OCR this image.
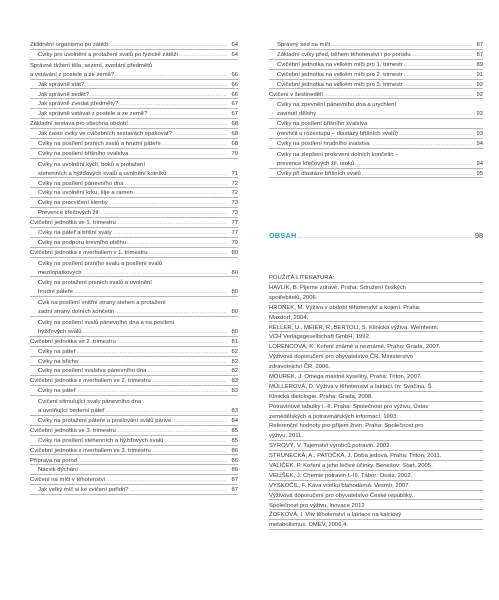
Zklidnění organismu po zátěži .....	64
Cviky pro uvolnění a protažení svalů po fyzické zátěži .....	64
Správné držení těla, sezení, zvedání předmětů
a vstávání z postele a ze země? .....	66
Jak správně stát? .....	66
Jak správně sedět? .....	66
Jak správně zvedat předměty? .....	67
Jak správně vstávat z postele a ze země? .....	67
Základní sestava pro všechna období .....	68
Jak často cviky ve cvičebních sestavách opakovat? .....	68
Cviky na posílení prsních svalů a hrudní páteře .....	68
Cviky na posílení břišního svalstva .....	70
Cviky na uvolnění kyčlí, boků a protažení
stehenních a hýžďových svalů a uvolnění kotníků .....	71
Cviky na posílení pánevního dna .....	72
Cviky na uvolnění krku, šíje a ramen .....	72
Cviky na procvičení klenby .....	73
Prevence křečových žil .....	73
Cvičební jednotka ve 1. trimestru .....	77
Cviky na páteř a břišní svaly .....	77
Cviky na podporu krevního oběhu .....	79
Cvičební jednotka s overballem v 1. trimestru .....	80
Cviky na posílení prsního svalu a posílení svalů
mezilopatkových .....	80
Cviky na protažení prsních svalů a uvolnění
hrudní páteře .....	80
Cvik na posílení vnitřní strany stehen a protažení
zadní strany dolních končetin .....	80
Cviky na posílení svalů pánevního dna a na posílení
hýžďových svalů .....	80
Cvičební jednotka ve 2. trimestru .....	81
Cviky na páteř .....	82
Cviky na břicho .....	82
Cviky na posílení svalstva pánevního dna .....	82
Cvičební jednotka s overballem ve 2. trimestru .....	83
Cviky na páteř .....	83
Cvičení stimulující svaly pánevního dna
a uvolňující bederní páteř .....	83
Cviky na protažení páteře a posilování svalů pánve .....	84
Cvičební jednotka ve 3. trimestru .....	85
Cviky na posílení stehenních a hýžďových svalů .....	85
Cvičební jednotka s overballem ve 3. trimestru .....	86
Příprava na porod .....	86
Nácvik dýchání .....	86
Cvičení na míči v těhotenství .....	87
Jak velký míč si ke cvičení pořídit? .....	87
Správný sed na míči .....	87
Základní cviky před, během těhotenství i po porodu .....	87
Cvičební jednotka na velkém míči pro 1. trimestr .....	89
Cvičební jednotka na velkém míči pro 2. trimestr .....	91
Cvičební jednotka na velkém míči pro 3. trimestr .....	92
Cvičení v šestinedělí .....	92
Cviky na zpevnění pánevního dna a urychlení
zavinutí dělohy .....	92
Cviky na posílení břišního svalstva
(nevhčit u rozestupu – diastázy břišních svalů) .....	93
Cviky na posílení hrudního svalstva .....	94
Cviky na zlepšení prokrvení dolních končetin –
prevence křečových žil, otoků .....	94
Cviky při diastáze břišních svalů .....	95
OBSAH .....	98
POUŽITÁ LITERATURA:
HAVLÍK, B. Pijeme zdravě. Praha: Sdružení českých
spotřebitelů, 2006.
HRONEK, M. Výživa v období těhotenství a kojení. Praha:
Maxdorf, 2004.
KELLER, U., MEIER, R.,BERTOLI, S. Klinická výživa. Weinheim:
VCH Verlagsgesellschaft GmbH, 1992.
LORENCOVÁ, K. Koření známé a neznámé. Praha: Grada, 2007.
Výživová doporučení pro obyvatelstvo ČR. Ministerstvo
zdravotnictví ČR, 2006.
MOUREK, J. Omega mastné kyseliny. Praha: Triton, 2007.
MÜLLEROVÁ, D. Výživa v těhotenství a laktaci. In: Svačina, Š.
Klinická dietologie. Praha: Grada, 2008.
Potravinové tabulky I.-II. Praha: Společnost pro výživu, Ústav
zemědělských a potravinářských informací, 1993.
Referenční hodnoty pro příjem živin. Praha: Společnost pro
výživu, 2011.
SYROVÝ, V. Tajemství výrobců potravin. 2002.
STRUNECKÁ, A., PATOČKA, J. Doba jedová. Praha: Triton, 2011.
VALÍČEK, P. Koření a jeho léčivé účinky. Benešov: Start, 2005.
VELÍŠEK, J. Chemie potravin I.-III. Tábor: Ossis, 2002.
VYSKOČIL, F. Káva vcelku blahodárná. Vesmír, 2007.
Výživová doporučení pro obyvatelstvo České republiky.
Společnost pro výživu, inovace 2012
ŽOFKOVÁ, I. Vliv těhotenství a laktace na kalciový
metabolismus. DMEV, 2006,4.
